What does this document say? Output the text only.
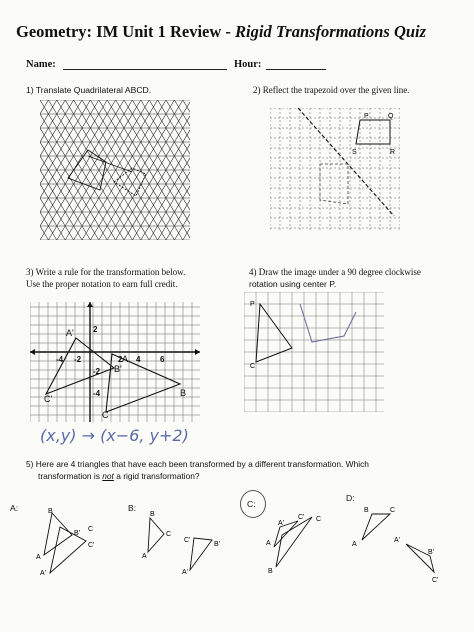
Geometry: IM Unit 1 Review - Rigid Transformations Quiz
Name:	Hour:
1) Translate Quadrilateral ABCD.	2) Reflect the trapezoid over the given line.
3) Write a rule for the transformation below.
Use the proper notation to earn full credit.
4) Draw the image under a 90 degree clockwise
rotation using center P.
5) Here are 4 triangles that have each been transformed by a different transformation. Which
transformation is not a rigid transformation?
P	Q
R
S
-4 -2	2 4 6
2
-2
-4
A'
B'
C'
A
B
C
(x,y) → (x−6, y+2)
P
C
A:	B:	C:
D:
B
B'
C
C'
A
A'
B
C
A
C'
B'
A'
A'
C' C
A
B
B	C
A
A'
B'
C'
